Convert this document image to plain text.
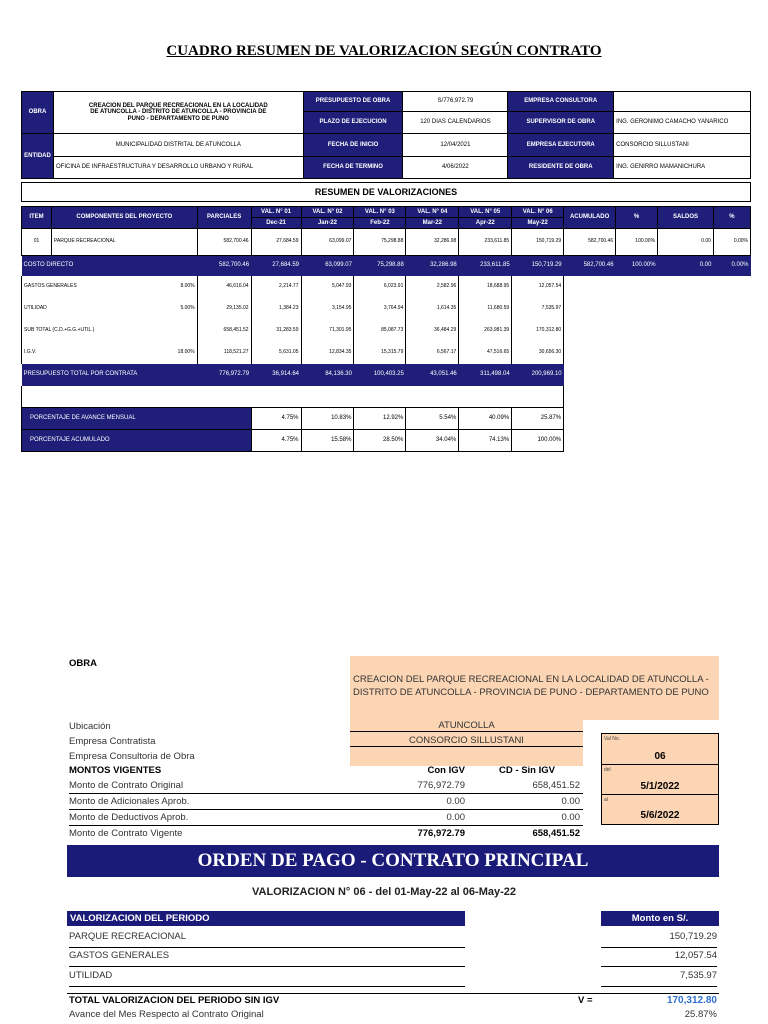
CUADRO RESUMEN DE VALORIZACION SEGÚN CONTRATO
OBRA	CREACION DEL PARQUE RECREACIONAL EN LA LOCALIDAD DE ATUNCOLLA - DISTRITO DE ATUNCOLLA - PROVINCIA DE PUNO - DEPARTAMENTO DE PUNO	PRESUPUESTO DE OBRA	S/776,972.79	EMPRESA CONSULTORA	
		PLAZO DE EJECUCION	120 DIAS CALENDARIOS	SUPERVISOR DE OBRA	ING. GERONIMO CAMACHO YANARICO
ENTIDAD	MUNICIPALIDAD DISTRITAL DE ATUNCOLLA	FECHA DE INICIO	12/04/2021	EMPRESA EJECUTORA	CONSORCIO SILLUSTANI
	OFICINA DE INFRAESTRUCTURA Y DESARROLLO URBANO Y RURAL	FECHA DE TERMINO	4/06/2022	RESIDENTE DE OBRA	ING. GENIRRO MAMANICHURA
RESUMEN DE VALORIZACIONES
ITEM	COMPONENTES DEL PROYECTO		PARCIALES	VAL. N° 01	VAL. N° 02	VAL. N° 03	VAL. N° 04	VAL. N° 05	VAL. N° 06	ACUMULADO	%	SALDOS	%
				Dec-21	Jan-22	Feb-22	Mar-22	Apr-22	May-22				
01	PARQUE RECREACIONAL		582,700.46	27,684.59	63,099.07	75,298.88	32,286.98	233,611.85	150,719.29	582,700.46	100.00%	0.00	0.00%
COSTO DIRECTO			582,700.46	27,684.59	63,099.07	75,298.88	32,286.98	233,611.85	150,719.29	582,700.46	100.00%	0.00	0.00%
GASTOS GENERALES		8.00%	46,616.04	2,214.77	5,047.93	6,023.91	2,582.96	18,688.95	12,057.54				
UTILIDAD		5.00%	29,135.02	1,384.23	3,154.95	3,764.94	1,614.35	11,680.59	7,535.97				
SUB TOTAL (C.D.+G.G.+UTIL.)			658,451.52	31,283.59	71,301.95	85,087.73	36,484.29	263,981.39	170,312.80				
I.G.V.		18.00%	118,521.27	5,631.05	12,834.35	15,315.79	6,567.17	47,516.65	30,656.30				
PRESUPUESTO TOTAL POR CONTRATA			776,972.79	36,914.64	84,136.30	100,403.25	43,051.46	311,498.04	200,969.10				

PORCENTAJE DE AVANCE MENSUAL				4.75%	10.83%	12.92%	5.54%	40.09%	25.87%				
PORCENTAJE ACUMULADO				4.75%	15.58%	28.50%	34.04%	74.13%	100.00%				
OBRA
CREACION DEL PARQUE RECREACIONAL EN LA LOCALIDAD DE ATUNCOLLA - DISTRITO DE ATUNCOLLA - PROVINCIA DE PUNO - DEPARTAMENTO DE PUNO
Ubicación	ATUNCOLLA
Empresa Contratista	CONSORCIO SILLUSTANI
Empresa Consultoria de Obra
MONTOS VIGENTES	Con IGV	CD - Sin IGV
Monto de Contrato Original	776,972.79	658,451.52
Monto de Adicionales Aprob.	0.00	0.00
Monto de Deductivos Aprob.	0.00	0.00
Monto de Contrato Vigente	776,972.79	658,451.52
Val No.
06
del
5/1/2022
al
5/6/2022
ORDEN DE PAGO - CONTRATO PRINCIPAL
VALORIZACION N° 06 - del 01-May-22 al 06-May-22
VALORIZACION DEL PERIODO	Monto en S/.
PARQUE RECREACIONAL	150,719.29
GASTOS GENERALES	12,057.54
UTILIDAD	7,535.97
TOTAL VALORIZACION DEL PERIODO SIN IGV	V =	170,312.80
Avance del Mes Respecto al Contrato Original	25.87%
